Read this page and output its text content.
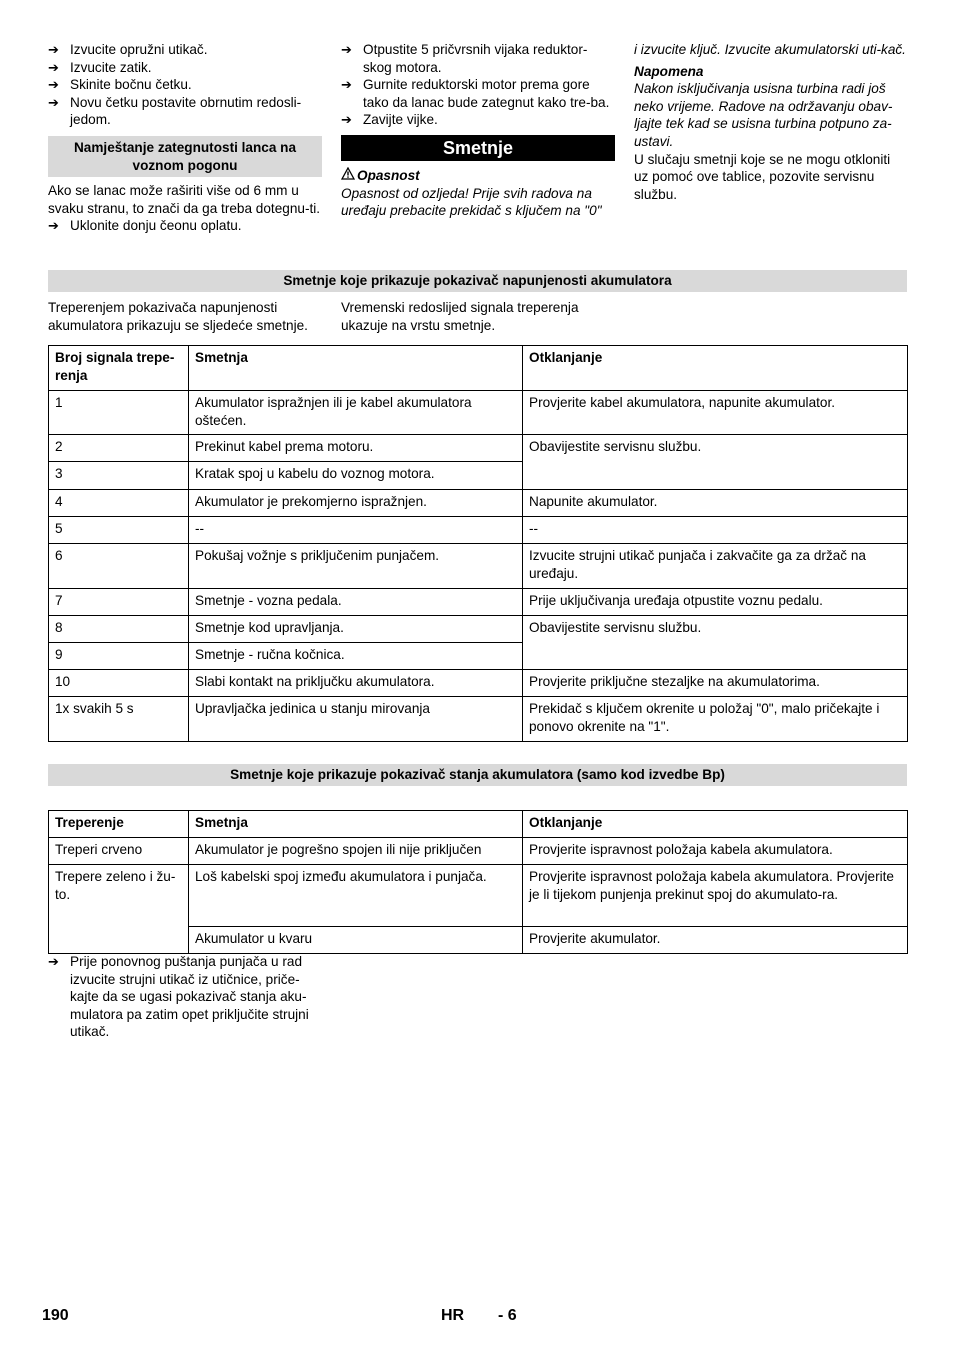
➔ Izvucite opružni utikač.
➔ Izvucite zatik.
➔ Skinite bočnu četku.
➔ Novu četku postavite obrnutim redosli-jedom.
Namještanje zategnutosti lanca na voznom pogonu

Ako se lanac može raširiti više od 6 mm u svaku stranu, to znači da ga treba dotegnu-ti.

➔ Uklonite donju čeonu oplatu.
➔ Otpustite 5 pričvrsnih vijaka reduktor-skog motora.
➔ Gurnite reduktorski motor prema gore tako da lanac bude zategnut kako tre-ba.
➔ Zavijte vijke.
Smetnje
Opasnost

Opasnost od ozljeda! Prije svih radova na uređaju prebacite prekidač s ključem na "0"

i izvucite ključ. Izvucite akumulatorski uti-kač.

Napomena

Nakon isključivanja usisna turbina radi još neko vrijeme. Radove na održavanju obav-ljajte tek kad se usisna turbina potpuno za-ustavi.

U slučaju smetnji koje se ne mogu otkloniti uz pomoć ove tablice, pozovite servisnu službu.

Smetnje koje prikazuje pokazivač napunjenosti akumulatora

Treperenjem pokazivača napunjenosti akumulatora prikazuju se sljedeće smetnje.

Vremenski redoslijed signala treperenja ukazuje na vrstu smetnje.

Broj signala trepe-renja	Smetnja	Otklanjanje
1	Akumulator ispražnjen ili je kabel akumulatora oštećen.	Provjerite kabel akumulatora, napunite akumulator.
2	Prekinut kabel prema motoru.	Obavijestite servisnu službu.
3	Kratak spoj u kabelu do voznog motora.	
4	Akumulator je prekomjerno ispražnjen.	Napunite akumulator.
5	--	--
6	Pokušaj vožnje s priključenim punjačem.	Izvucite strujni utikač punjača i zakvačite ga za držač na uređaju.
7	Smetnje - vozna pedala.	Prije uključivanja uređaja otpustite voznu pedalu.
8	Smetnje kod upravljanja.	Obavijestite servisnu službu.
9	Smetnje - ručna kočnica.	
10	Slabi kontakt na priključku akumulatora.	Provjerite priključne stezaljke na akumulatorima.
1x svakih 5 s	Upravljačka jedinica u stanju mirovanja	Prekidač s ključem okrenite u položaj "0", malo pričekajte i ponovo okrenite na "1".
Smetnje koje prikazuje pokazivač stanja akumulatora (samo kod izvedbe Bp)
Treperenje	Smetnja	Otklanjanje
Treperi crveno	Akumulator je pogrešno spojen ili nije priključen	Provjerite ispravnost položaja kabela akumulatora.
Trepere zeleno i žu-to.	Loš kabelski spoj između akumulatora i punjača.	Provjerite ispravnost položaja kabela akumulatora. Provjerite je li tijekom punjenja prekinut spoj do akumulato-ra.
	Akumulator u kvaru	Provjerite akumulator.
➔ Prije ponovnog puštanja punjača u rad izvucite strujni utikač iz utičnice, priče-kajte da se ugasi pokazivač stanja aku-mulatora pa zatim opet priključite strujni utikač.
190	HR - 6
